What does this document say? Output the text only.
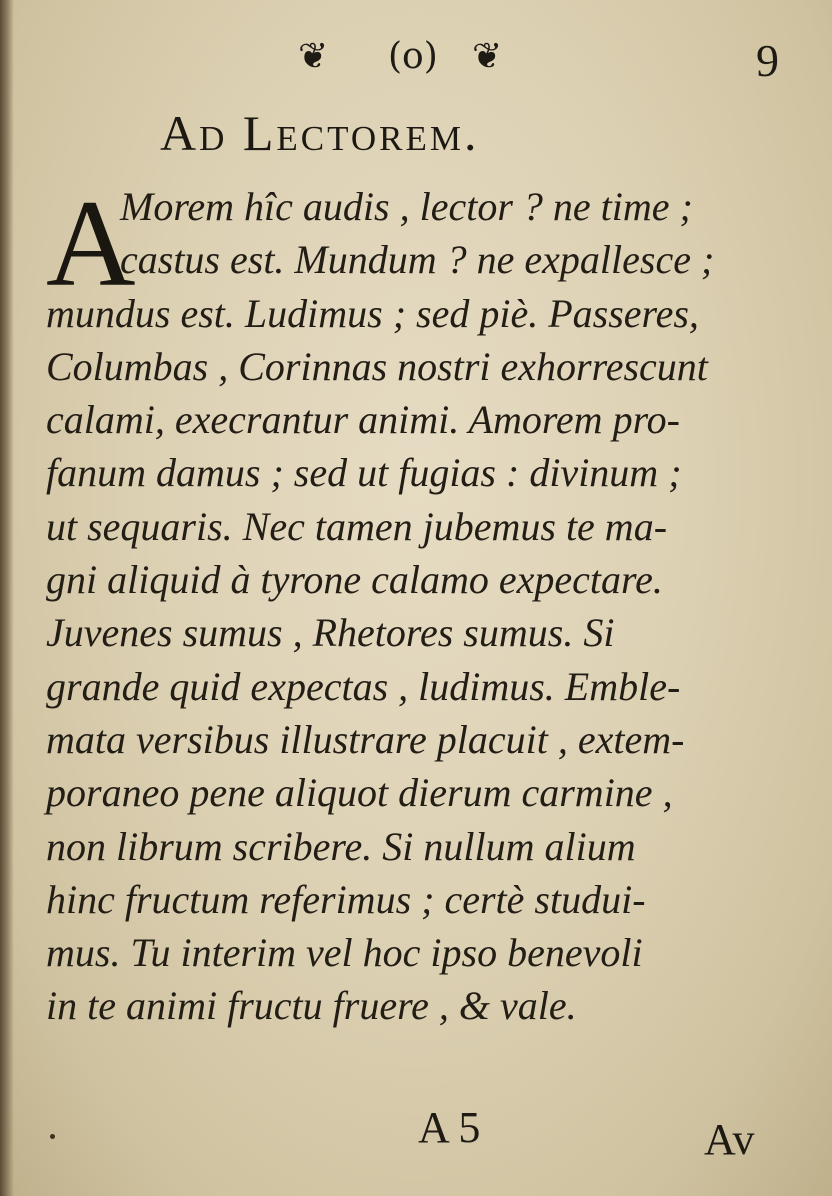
❦ (o) ❦	9
Ad Lectorem.
A
Morem hîc audis , lector ? ne time ;
castus est. Mundum ? ne expallesce ;
mundus est. Ludimus ; sed piè. Passeres,
Columbas , Corinnas nostri exhorrescunt
calami, execrantur animi. Amorem pro-
fanum damus ; sed ut fugias : divinum ;
ut sequaris. Nec tamen jubemus te ma-
gni aliquid à tyrone calamo expectare.
Juvenes sumus , Rhetores sumus. Si
grande quid expectas , ludimus. Emble-
mata versibus illustrare placuit , extem-
poraneo pene aliquot dierum carmine ,
non librum scribere. Si nullum alium
hinc fructum referimus ; certè studui-
mus. Tu interim vel hoc ipso benevoli
in te animi fructu fruere , & vale.
A 5	Av
